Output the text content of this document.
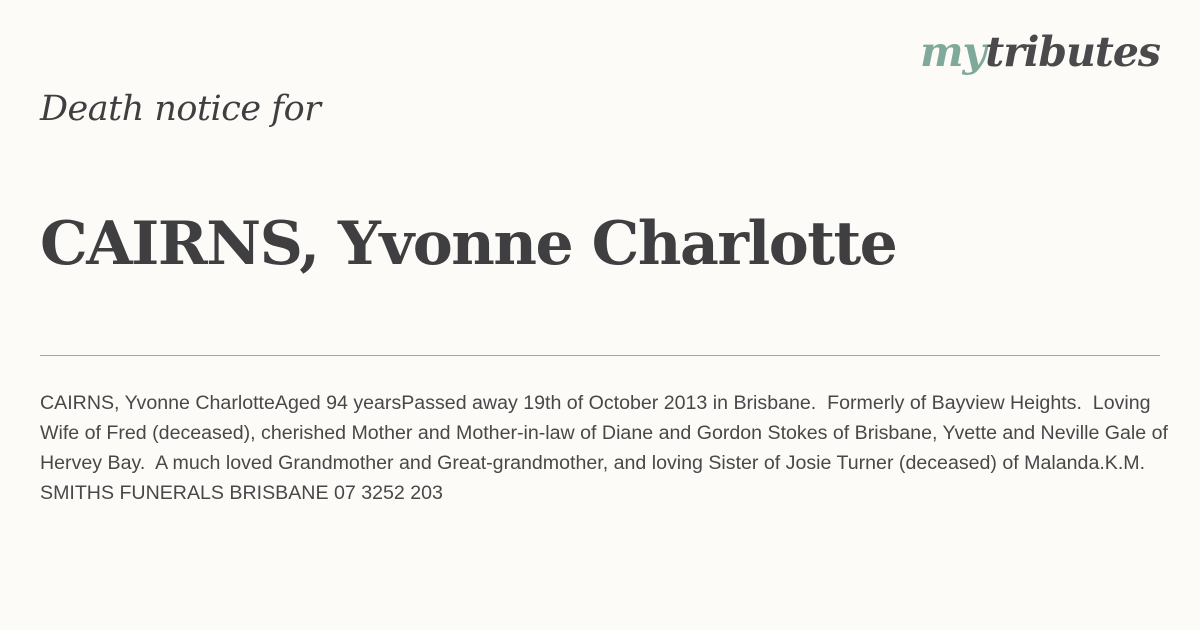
mytributes
Death notice for
CAIRNS, Yvonne Charlotte

CAIRNS, Yvonne CharlotteAged 94 yearsPassed away 19th of October 2013 in Brisbane.  Formerly of Bayview Heights.  Loving Wife of Fred (deceased), cherished Mother and Mother-in-law of Diane and Gordon Stokes of Brisbane, Yvette and Neville Gale of Hervey Bay.  A much loved Grandmother and Great-grandmother, and loving Sister of Josie Turner (deceased) of Malanda.K.M. SMITHS FUNERALS BRISBANE 07 3252 203
